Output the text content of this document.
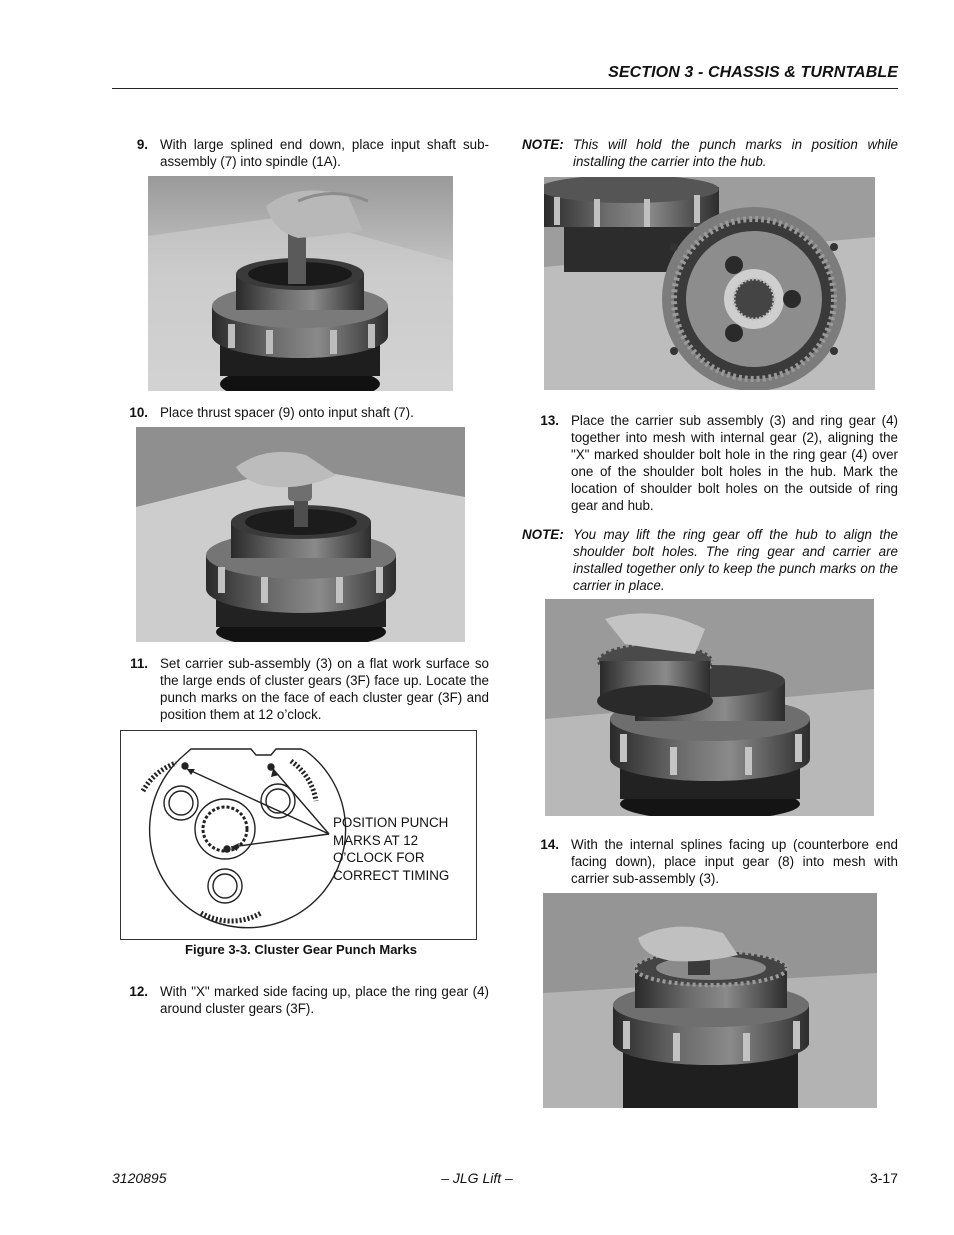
SECTION 3 - CHASSIS & TURNTABLE
9. With large splined end down, place input shaft sub-assembly (7) into spindle (1A).
10. Place thrust spacer (9) onto input shaft (7).
11. Set carrier sub-assembly (3) on a flat work surface so the large ends of cluster gears (3F) face up. Locate the punch marks on the face of each cluster gear (3F) and position them at 12 o’clock.
POSITION PUNCH
MARKS AT 12
O’CLOCK FOR
CORRECT TIMING
Figure 3-3. Cluster Gear Punch Marks
12. With "X" marked side facing up, place the ring gear (4) around cluster gears (3F).
NOTE: This will hold the punch marks in position while installing the carrier into the hub.
13. Place the carrier sub assembly (3) and ring gear (4) together into mesh with internal gear (2), aligning the "X" marked shoulder bolt hole in the ring gear (4) over one of the shoulder bolt holes in the hub. Mark the location of shoulder bolt holes on the outside of ring gear and hub.
NOTE: You may lift the ring gear off the hub to align the shoulder bolt holes. The ring gear and carrier are installed together only to keep the punch marks on the carrier in place.
14. With the internal splines facing up (counterbore end facing down), place input gear (8) into mesh with carrier sub-assembly (3).
3120895	– JLG Lift –	3-17
